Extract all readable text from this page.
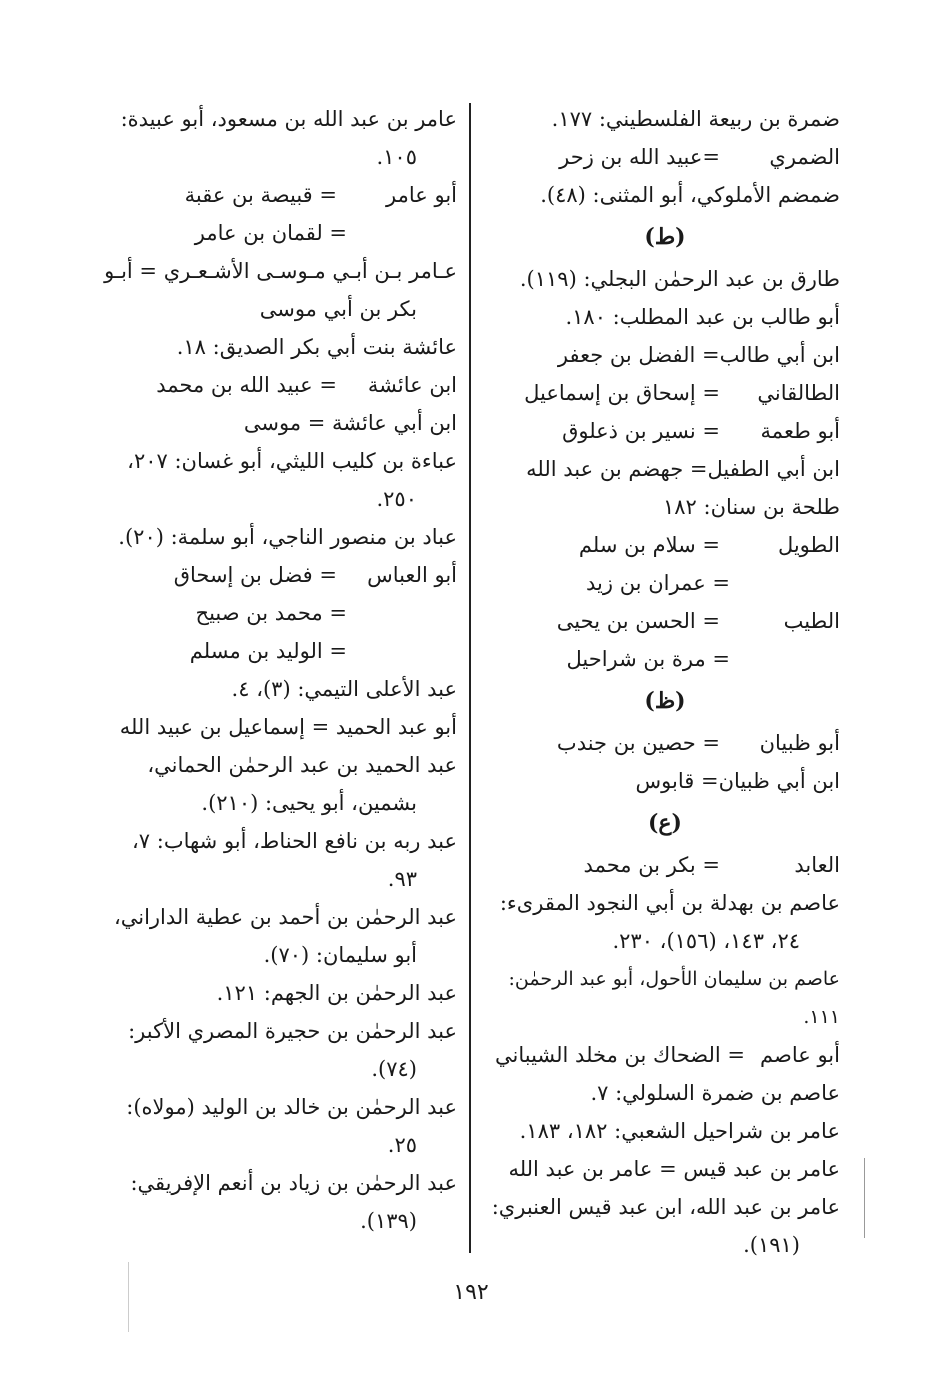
ضمرة بن ربيعة الفلسطيني: ١٧٧.
الضمري
=عبيد الله بن زحر
ضمضم الأملوكي، أبو المثنى: (٤٨).
(ط)
طارق بن عبد الرحمٰن البجلي: (١١٩).
أبو طالب بن عبد المطلب: ١٨٠.
ابن أبي طالب
= الفضل بن جعفر
الطالقاني
= إسحاق بن إسماعيل
أبو طعمة
= نسير بن ذعلوق
ابن أبي الطفيل
= جهضم بن عبد الله
طلحة بن سنان: ١٨٢
الطويل
= سلام بن سلم
= عمران بن زيد
الطيب
= الحسن بن يحيى
= مرة بن شراحيل
(ظ)
أبو ظبيان
= حصين بن جندب
ابن أبي ظبيان
= قابوس
(ع)
العابد
= بكر بن محمد
عاصم بن بهدلة بن أبي النجود المقرىء:
٢٤، ١٤٣، (١٥٦)، ٢٣٠.
عاصم بن سليمان الأحول، أبو عبد الرحمٰن: ١١١.
أبو عاصم
= الضحاك بن مخلد الشيباني
عاصم بن ضمرة السلولي: ٧.
عامر بن شراحيل الشعبي: ١٨٢، ١٨٣.
عامر بن عبد قيس = عامر بن عبد الله
عامر بن عبد الله، ابن عبد قيس العنبري:
(١٩١).
عامر بن عبد الله بن مسعود، أبو عبيدة:
١٠٥.
أبو عامر
= قبيصة بن عقبة
= لقمان بن عامر
عـامر بـن أبـي مـوسـى الأشـعـري = أبـو
بكر بن أبي موسى
عائشة بنت أبي بكر الصديق: ١٨.
ابن عائشة
= عبيد الله بن محمد
ابن أبي عائشة = موسى
عباءة بن كليب الليثي، أبو غسان: ٢٠٧،
٢٥٠.
عباد بن منصور الناجي، أبو سلمة: (٢٠).
أبو العباس
= فضل بن إسحاق
= محمد بن صبيح
= الوليد بن مسلم
عبد الأعلى التيمي: (٣)، ٤.
أبو عبد الحميد = إسماعيل بن عبيد الله
عبد الحميد بن عبد الرحمٰن الحماني،
بشمين، أبو يحيى: (٢١٠).
عبد ربه بن نافع الحناط، أبو شهاب: ٧،
٩٣.
عبد الرحمٰن بن أحمد بن عطية الداراني،
أبو سليمان: (٧٠).
عبد الرحمٰن بن الجهم: ١٢١.
عبد الرحمٰن بن حجيرة المصري الأكبر:
(٧٤).
عبد الرحمٰن بن خالد بن الوليد (مولاه):
٢٥.
عبد الرحمٰن بن زياد بن أنعم الإفريقي:
(١٣٩).
١٩٢
